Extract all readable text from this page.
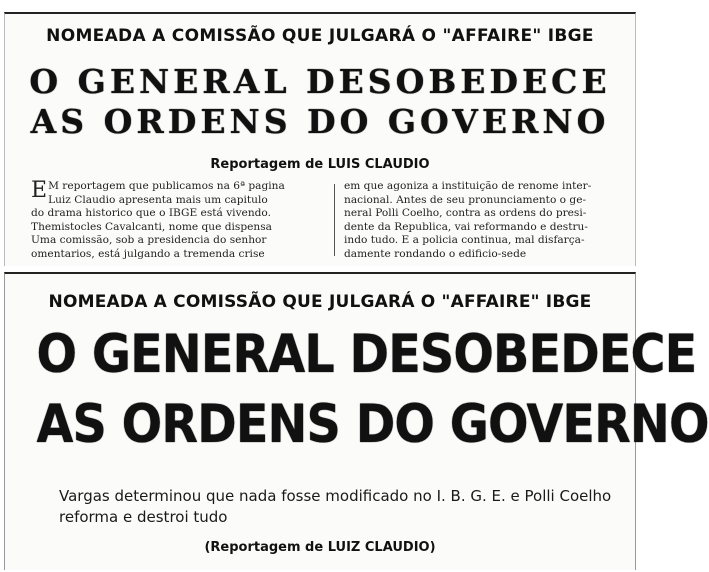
NOMEADA A COMISSÃO QUE JULGARÁ O "AFFAIRE" IBGE
O GENERAL DESOBEDECE
AS ORDENS DO GOVERNO
Reportagem de LUIS CLAUDIO
E M reportagem que publicamos na 6ª pagina
Luiz Claudio apresenta mais um capitulo
do drama historico que o IBGE está vivendo.
Themistocles Cavalcanti, nome que dispensa
Uma comissão, sob a presidencia do senhor
omentarios, está julgando a tremenda crise
em que agoniza a instituição de renome inter-
nacional. Antes de seu pronunciamento o ge-
neral Polli Coelho, contra as ordens do presi-
dente da Republica, vai reformando e destru-
indo tudo. E a policia continua, mal disfarça-
damente rondando o edificio-sede
NOMEADA A COMISSÃO QUE JULGARÁ O "AFFAIRE" IBGE
O GENERAL DESOBEDECE
AS ORDENS DO GOVERNO
Vargas determinou que nada fosse modificado no I. B. G. E. e Polli Coelho reforma e destroi tudo
(Reportagem de LUIZ CLAUDIO)
